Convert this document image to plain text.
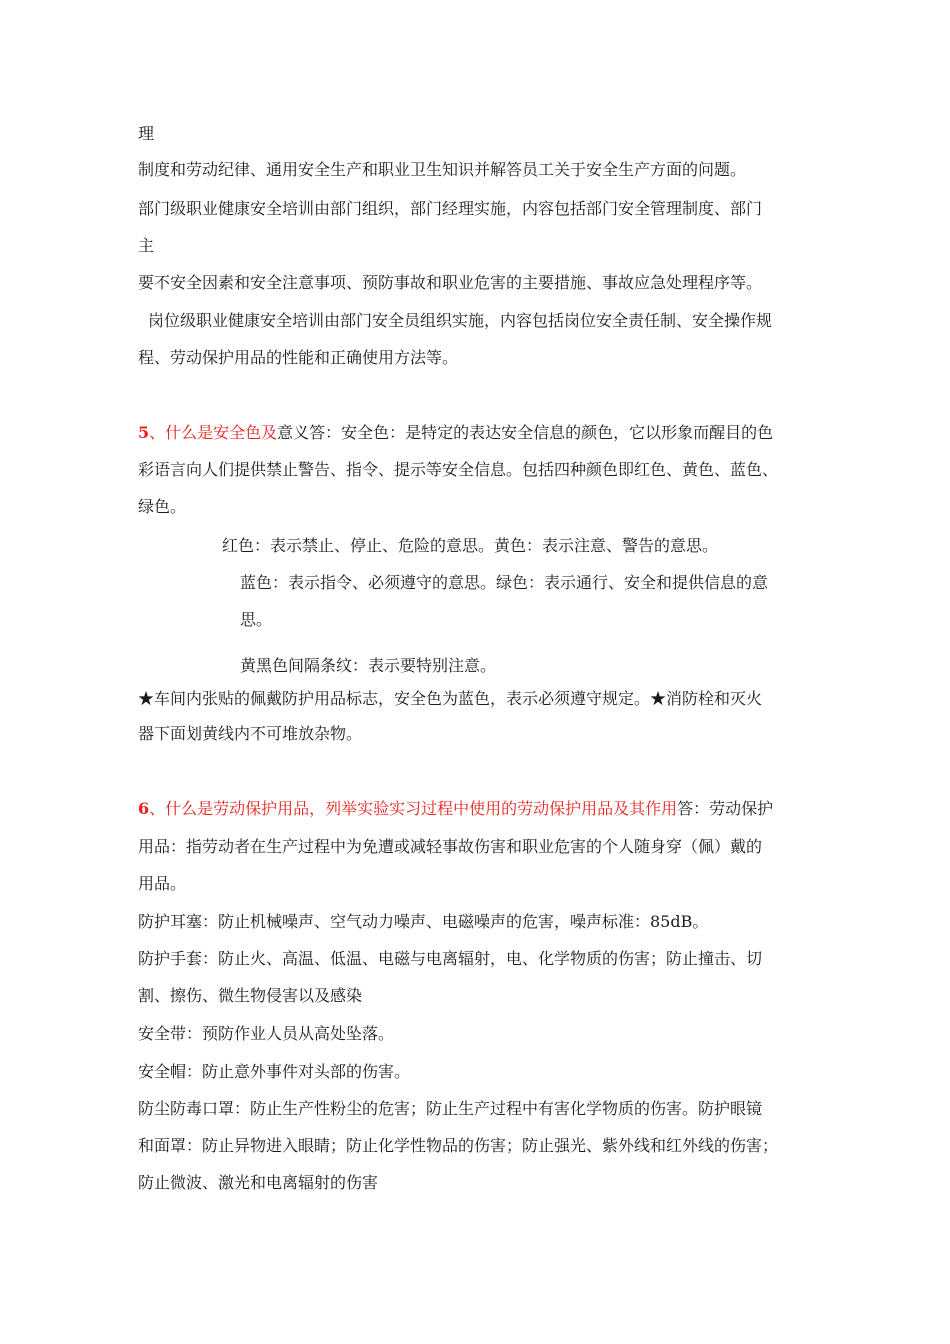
理
制度和劳动纪律、通用安全生产和职业卫生知识并解答员工关于安全生产方面的问题。
部门级职业健康安全培训由部门组织，部门经理实施，内容包括部门安全管理制度、部门
主
要不安全因素和安全注意事项、预防事故和职业危害的主要措施、事故应急处理程序等。
岗位级职业健康安全培训由部门安全员组织实施，内容包括岗位安全责任制、安全操作规
程、劳动保护用品的性能和正确使用方法等。
5、什么是安全色及意义答：安全色：是特定的表达安全信息的颜色，它以形象而醒目的色
彩语言向人们提供禁止警告、指令、提示等安全信息。包括四种颜色即红色、黄色、蓝色、
绿色。
红色：表示禁止、停止、危险的意思。黄色：表示注意、警告的意思。
蓝色：表示指令、必须遵守的意思。绿色：表示通行、安全和提供信息的意
思。
黄黑色间隔条纹：表示要特别注意。
★车间内张贴的佩戴防护用品标志，安全色为蓝色，表示必须遵守规定。★消防栓和灭火
器下面划黄线内不可堆放杂物。
6、什么是劳动保护用品，列举实验实习过程中使用的劳动保护用品及其作用答：劳动保护
用品：指劳动者在生产过程中为免遭或减轻事故伤害和职业危害的个人随身穿（佩）戴的
用品。
防护耳塞：防止机械噪声、空气动力噪声、电磁噪声的危害，噪声标准：85dB。
防护手套：防止火、高温、低温、电磁与电离辐射，电、化学物质的伤害；防止撞击、切
割、擦伤、微生物侵害以及感染
安全带：预防作业人员从高处坠落。
安全帽：防止意外事件对头部的伤害。
防尘防毒口罩：防止生产性粉尘的危害；防止生产过程中有害化学物质的伤害。防护眼镜
和面罩：防止异物进入眼睛；防止化学性物品的伤害；防止强光、紫外线和红外线的伤害；
防止微波、激光和电离辐射的伤害
